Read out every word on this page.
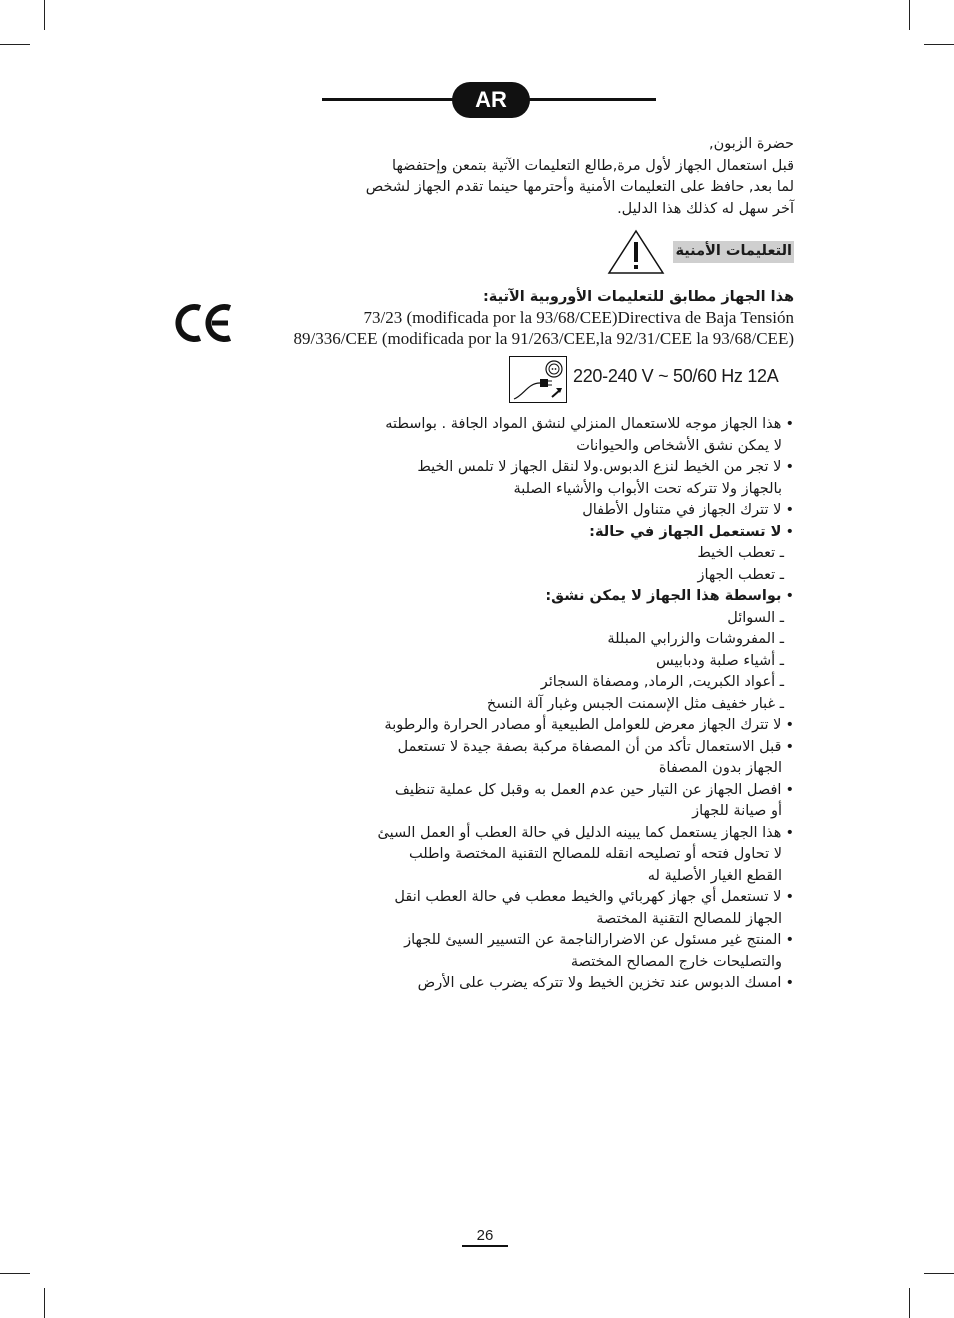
AR

حضرة الزبون,

قبل استعمال الجهاز لأول مرة,طالع التعليمات الآتية بتمعن وإحتفضها

لما بعد, حافظ على التعليمات الأمنية وأحترمها حينما تقدم الجهاز لشخص

آخر سهل له كذلك هذا الدليل.

التعليمات الأمنية

هذا الجهاز مطابق للتعليمات الأوروبية الآتية:

73/23 (modificada por la 93/68/CEE)Directiva de Baja Tensión
89/336/CEE (modificada por la 91/263/CEE,la 92/31/CEE la 93/68/CEE)
220-240 V ~ 50/60 Hz 12A

•هذا الجهاز موجه للاستعمال المنزلي لنشق المواد الجافة . بواسطته

لا يمكن نشق الأشخاص والحيوانات

•لا تجر من الخيط لنزع الدبوس.ولا لنقل الجهاز لا تلمس الخيط

بالجهاز ولا تتركه تحت الأبواب والأشياء الصلبة

•لا تترك الجهاز في متناول الأطفال

•لا تستعمل الجهاز في حالة:

ـ تعطب الخيط

ـ تعطب الجهاز

•بواسطة هذا الجهاز لا يمكن نشق:

ـ السوائل

ـ المفروشات والزرابي المبللة

ـ أشياء صلبة ودبابيس

ـ أعواد الكبريت, الرماد, ومصفاة السجائر

ـ غبار خفيف مثل الإسمنت الجبس وغبار آلة النسخ

•لا تترك الجهاز معرض للعوامل الطبيعية أو مصادر الحرارة والرطوبة

•قبل الاستعمال تأكد من أن المصفاة مركبة بصفة جيدة لا تستعمل

الجهاز بدون المصفاة

•افصل الجهاز عن التيار حين عدم العمل به وقبل كل عملية تنظيف

أو صيانة للجهاز

•هذا الجهاز يستعمل كما يبينه الدليل في حالة العطب أو العمل السيئ

لا تحاول فتحه أو تصليحه انقله للمصالح التقنية المختصة واطلب

القطع الغيار الأصلية له

•لا تستعمل أي جهاز كهربائي والخيط معطب في حالة العطب انقل

الجهاز للمصالح التقنية المختصة

•المنتج غير مسئول عن الاضرارالناجمة عن التسيير السيئ للجهاز

والتصليحات خارج المصالح المختصة

•امسك الدبوس عند تخزين الخيط ولا تتركه يضرب على الأرض

26
